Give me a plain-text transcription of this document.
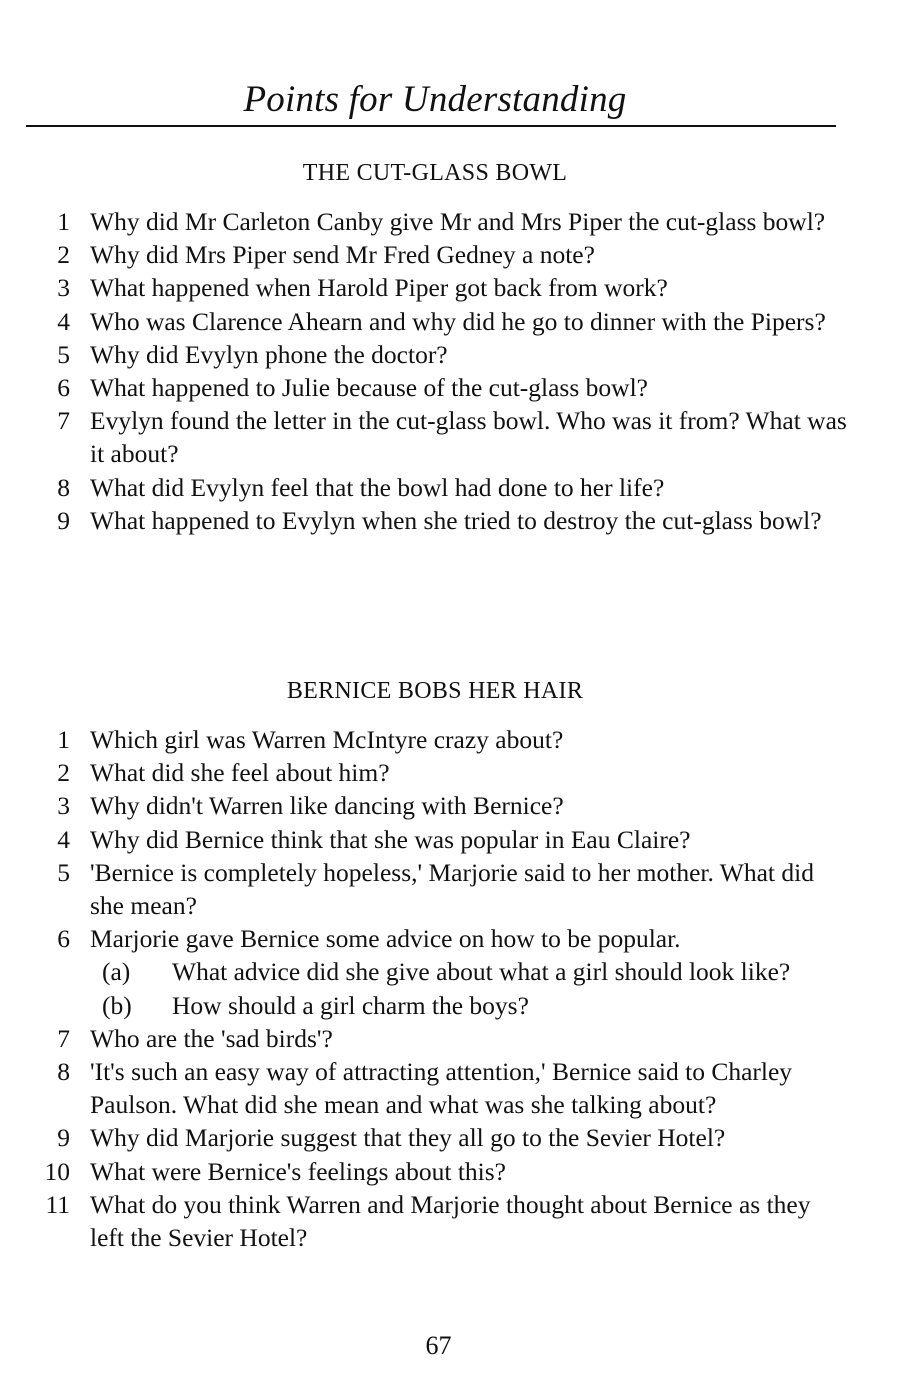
Points for Understanding
THE CUT-GLASS BOWL
1 Why did Mr Carleton Canby give Mr and Mrs Piper the cut-glass bowl?
2 Why did Mrs Piper send Mr Fred Gedney a note?
3 What happened when Harold Piper got back from work?
4 Who was Clarence Ahearn and why did he go to dinner with the Pipers?
5 Why did Evylyn phone the doctor?
6 What happened to Julie because of the cut-glass bowl?
7 Evylyn found the letter in the cut-glass bowl. Who was it from? What was it about?
8 What did Evylyn feel that the bowl had done to her life?
9 What happened to Evylyn when she tried to destroy the cut-glass bowl?
BERNICE BOBS HER HAIR
1 Which girl was Warren McIntyre crazy about?
2 What did she feel about him?
3 Why didn't Warren like dancing with Bernice?
4 Why did Bernice think that she was popular in Eau Claire?
5 'Bernice is completely hopeless,' Marjorie said to her mother. What did she mean?
6 Marjorie gave Bernice some advice on how to be popular.
(a) What advice did she give about what a girl should look like?
(b) How should a girl charm the boys?
7 Who are the 'sad birds'?
8 'It's such an easy way of attracting attention,' Bernice said to Charley Paulson. What did she mean and what was she talking about?
9 Why did Marjorie suggest that they all go to the Sevier Hotel?
10 What were Bernice's feelings about this?
11 What do you think Warren and Marjorie thought about Bernice as they left the Sevier Hotel?
67
